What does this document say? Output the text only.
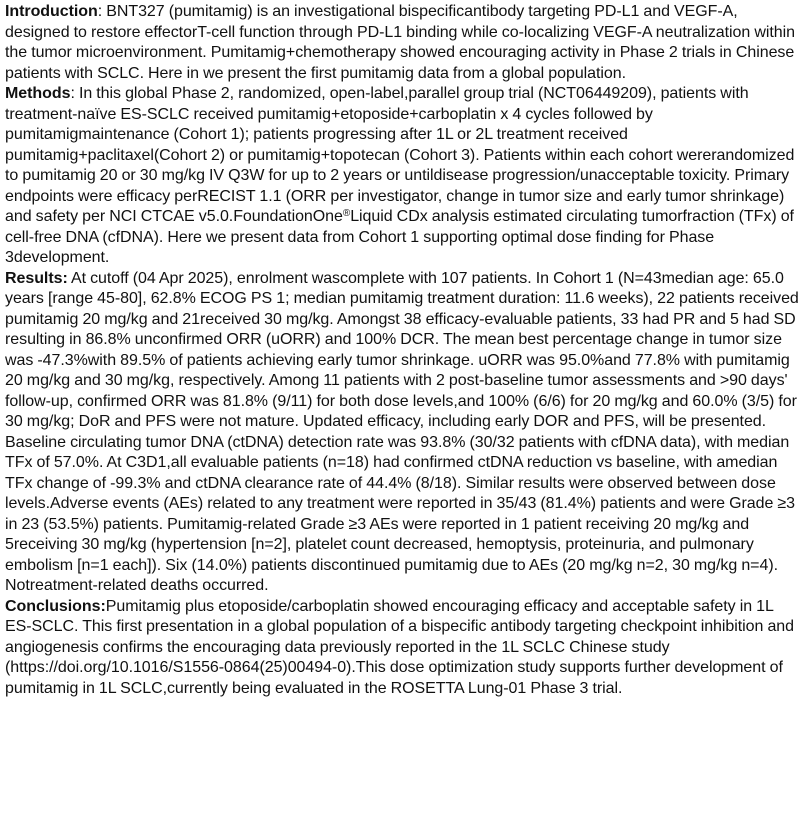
Introduction: BNT327 (pumitamig) is an investigational bispecificantibody targeting PD-L1 and VEGF-A, designed to restore effectorT-cell function through PD-L1 binding while co-localizing VEGF-A neutralization within the tumor microenvironment. Pumitamig+chemotherapy showed encouraging activity in Phase 2 trials in Chinese patients with SCLC. Here in we present the first pumitamig data from a global population.

Methods: In this global Phase 2, randomized, open-label,parallel group trial (NCT06449209), patients with treatment-naïve ES-SCLC received pumitamig+etoposide+carboplatin x 4 cycles followed by pumitamigmaintenance (Cohort 1); patients progressing after 1L or 2L treatment received pumitamig+paclitaxel(Cohort 2) or pumitamig+topotecan (Cohort 3). Patients within each cohort wererandomized to pumitamig 20 or 30 mg/kg IV Q3W for up to 2 years or untildisease progression/unacceptable toxicity. Primary endpoints were efficacy perRECIST 1.1 (ORR per investigator, change in tumor size and early tumor shrinkage) and safety per NCI CTCAE v5.0.FoundationOne®Liquid CDx analysis estimated circulating tumorfraction (TFx) of cell-free DNA (cfDNA). Here we present data from Cohort 1 supporting optimal dose finding for Phase 3development.

Results: At cutoff (04 Apr 2025), enrolment wascomplete with 107 patients. In Cohort 1 (N=43median age: 65.0 years [range 45-80], 62.8% ECOG PS 1; median pumitamig treatment duration: 11.6 weeks), 22 patients received pumitamig 20 mg/kg and 21received 30 mg/kg. Amongst 38 efficacy-evaluable patients, 33 had PR and 5 had SD resulting in 86.8% unconfirmed ORR (uORR) and 100% DCR. The mean best percentage change in tumor size was -47.3%with 89.5% of patients achieving early tumor shrinkage. uORR was 95.0%and 77.8% with pumitamig 20 mg/kg and 30 mg/kg, respectively. Among 11 patients with 2 post-baseline tumor assessments and >90 days' follow-up, confirmed ORR was 81.8% (9/11) for both dose levels,and 100% (6/6) for 20 mg/kg and 60.0% (3/5) for 30 mg/kg; DoR and PFS were not mature. Updated efficacy, including early DOR and PFS, will be presented. Baseline circulating tumor DNA (ctDNA) detection rate was 93.8% (30/32 patients with cfDNA data), with median TFx of 57.0%. At C3D1,all evaluable patients (n=18) had confirmed ctDNA reduction vs baseline, with amedian TFx change of -99.3% and ctDNA clearance rate of 44.4% (8/18). Similar results were observed between dose levels.Adverse events (AEs) related to any treatment were reported in 35/43 (81.4%) patients and were Grade ≥3 in 23 (53.5%) patients. Pumitamig-related Grade ≥3 AEs were reported in 1 patient receiving 20 mg/kg and 5receiving 30 mg/kg (hypertension [n=2], platelet count decreased, hemoptysis, proteinuria, and pulmonary embolism [n=1 each]). Six (14.0%) patients discontinued pumitamig due to AEs (20 mg/kg n=2, 30 mg/kg n=4). Notreatment-related deaths occurred.

Conclusions:Pumitamig plus etoposide/carboplatin showed encouraging efficacy and acceptable safety in 1L ES-SCLC. This first presentation in a global population of a bispecific antibody targeting checkpoint inhibition and angiogenesis confirms the encouraging data previously reported in the 1L SCLC Chinese study (https://doi.org/10.1016/S1556-0864(25)00494-0).This dose optimization study supports further development of pumitamig in 1L SCLC,currently being evaluated in the ROSETTA Lung-01 Phase 3 trial.
